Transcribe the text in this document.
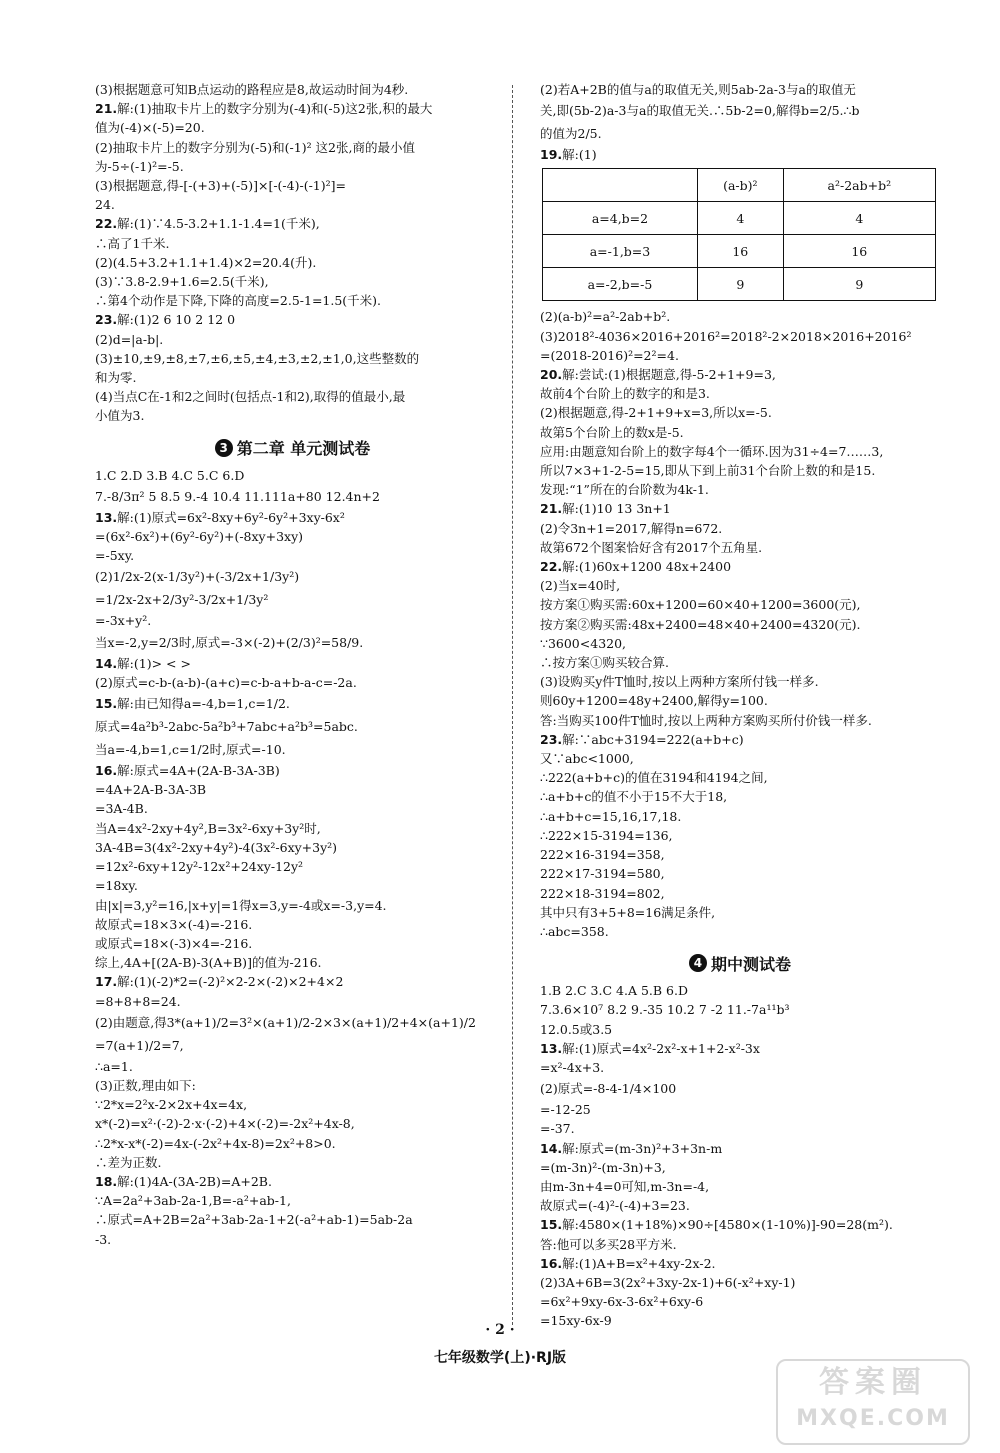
(3)根据题意可知B点运动的路程应是8,故运动时间为4秒.
21.解:(1)抽取卡片上的数字分别为(-4)和(-5)这2张,积的最大
值为(-4)×(-5)=20.
(2)抽取卡片上的数字分别为(-5)和(-1)² 这2张,商的最小值
为-5÷(-1)²=-5.
(3)根据题意,得-[-(+3)+(-5)]×[-(-4)-(-1)²]=
24.
22.解:(1)∵4.5-3.2+1.1-1.4=1(千米),
∴高了1千米.
(2)(4.5+3.2+1.1+1.4)×2=20.4(升).
(3)∵3.8-2.9+1.6=2.5(千米),
∴第4个动作是下降,下降的高度=2.5-1=1.5(千米).
23.解:(1)2 6 10 2 12 0
(2)d=|a-b|.
(3)±10,±9,±8,±7,±6,±5,±4,±3,±2,±1,0,这些整数的
和为零.
(4)当点C在-1和2之间时(包括点-1和2),取得的值最小,最
小值为3.
3 第二章 单元测试卷
1.C 2.D 3.B 4.C 5.C 6.D
7.-8/3π² 5 8.5 9.-4 10.4 11.111a+80 12.4n+2
13.解:(1)原式=6x²-8xy+6y²-6y²+3xy-6x²
=(6x²-6x²)+(6y²-6y²)+(-8xy+3xy)
=-5xy.
(2)1/2x-2(x-1/3y²)+(-3/2x+1/3y²)
=1/2x-2x+2/3y²-3/2x+1/3y²
=-3x+y².
当x=-2,y=2/3时,原式=-3×(-2)+(2/3)²=58/9.
14.解:(1)> < >
(2)原式=c-b-(a-b)-(a+c)=c-b-a+b-a-c=-2a.
15.解:由已知得a=-4,b=1,c=1/2.
原式=4a²b³-2abc-5a²b³+7abc+a²b³=5abc.
当a=-4,b=1,c=1/2时,原式=-10.
16.解:原式=4A+(2A-B-3A-3B)
=4A+2A-B-3A-3B
=3A-4B.
当A=4x²-2xy+4y²,B=3x²-6xy+3y²时,
3A-4B=3(4x²-2xy+4y²)-4(3x²-6xy+3y²)
=12x²-6xy+12y²-12x²+24xy-12y²
=18xy.
由|x|=3,y²=16,|x+y|=1得x=3,y=-4或x=-3,y=4.
故原式=18×3×(-4)=-216.
或原式=18×(-3)×4=-216.
综上,4A+[(2A-B)-3(A+B)]的值为-216.
17.解:(1)(-2)*2=(-2)²×2-2×(-2)×2+4×2
=8+8+8=24.
(2)由题意,得3*(a+1)/2=3²×(a+1)/2-2×3×(a+1)/2+4×(a+1)/2
=7(a+1)/2=7,
∴a=1.
(3)正数,理由如下:
∵2*x=2²x-2×2x+4x=4x,
x*(-2)=x²·(-2)-2·x·(-2)+4×(-2)=-2x²+4x-8,
∴2*x-x*(-2)=4x-(-2x²+4x-8)=2x²+8>0.
∴差为正数.
18.解:(1)4A-(3A-2B)=A+2B.
∵A=2a²+3ab-2a-1,B=-a²+ab-1,
∴原式=A+2B=2a²+3ab-2a-1+2(-a²+ab-1)=5ab-2a
-3.
(2)若A+2B的值与a的取值无关,则5ab-2a-3与a的取值无
关,即(5b-2)a-3与a的取值无关.∴5b-2=0,解得b=2/5.∴b
的值为2/5.
19.解:(1)
	(a-b)²	a²-2ab+b²
a=4,b=2	4	4
a=-1,b=3	16	16
a=-2,b=-5	9	9
(2)(a-b)²=a²-2ab+b².
(3)2018²-4036×2016+2016²=2018²-2×2018×2016+2016²
=(2018-2016)²=2²=4.
20.解:尝试:(1)根据题意,得-5-2+1+9=3,
故前4个台阶上的数字的和是3.
(2)根据题意,得-2+1+9+x=3,所以x=-5.
故第5个台阶上的数x是-5.
应用:由题意知台阶上的数字每4个一循环.因为31÷4=7……3,
所以7×3+1-2-5=15,即从下到上前31个台阶上数的和是15.
发现:“1”所在的台阶数为4k-1.
21.解:(1)10 13 3n+1
(2)令3n+1=2017,解得n=672.
故第672个图案恰好含有2017个五角星.
22.解:(1)60x+1200 48x+2400
(2)当x=40时,
按方案①购买需:60x+1200=60×40+1200=3600(元),
按方案②购买需:48x+2400=48×40+2400=4320(元).
∵3600<4320,
∴按方案①购买较合算.
(3)设购买y件T恤时,按以上两种方案所付钱一样多.
则60y+1200=48y+2400,解得y=100.
答:当购买100件T恤时,按以上两种方案购买所付价钱一样多.
23.解:∵abc+3194=222(a+b+c)
又∵abc<1000,
∴222(a+b+c)的值在3194和4194之间,
∴a+b+c的值不小于15不大于18,
∴a+b+c=15,16,17,18.
∴222×15-3194=136,
222×16-3194=358,
222×17-3194=580,
222×18-3194=802,
其中只有3+5+8=16满足条件,
∴abc=358.
4 期中测试卷
1.B 2.C 3.C 4.A 5.B 6.D
7.3.6×10⁷ 8.2 9.-35 10.2 7 -2 11.-7a¹¹b³
12.0.5或3.5
13.解:(1)原式=4x²-2x²-x+1+2-x²-3x
=x²-4x+3.
(2)原式=-8-4-1/4×100
=-12-25
=-37.
14.解:原式=(m-3n)²+3+3n-m
=(m-3n)²-(m-3n)+3,
由m-3n+4=0可知,m-3n=-4,
故原式=(-4)²-(-4)+3=23.
15.解:4580×(1+18%)×90÷[4580×(1-10%)]-90=28(m²).
答:他可以多买28平方米.
16.解:(1)A+B=x²+4xy-2x-2.
(2)3A+6B=3(2x²+3xy-2x-1)+6(-x²+xy-1)
=6x²+9xy-6x-3-6x²+6xy-6
=15xy-6x-9
· 2 ·
七年级数学(上)·RJ版
答案圈
MXQE.COM
